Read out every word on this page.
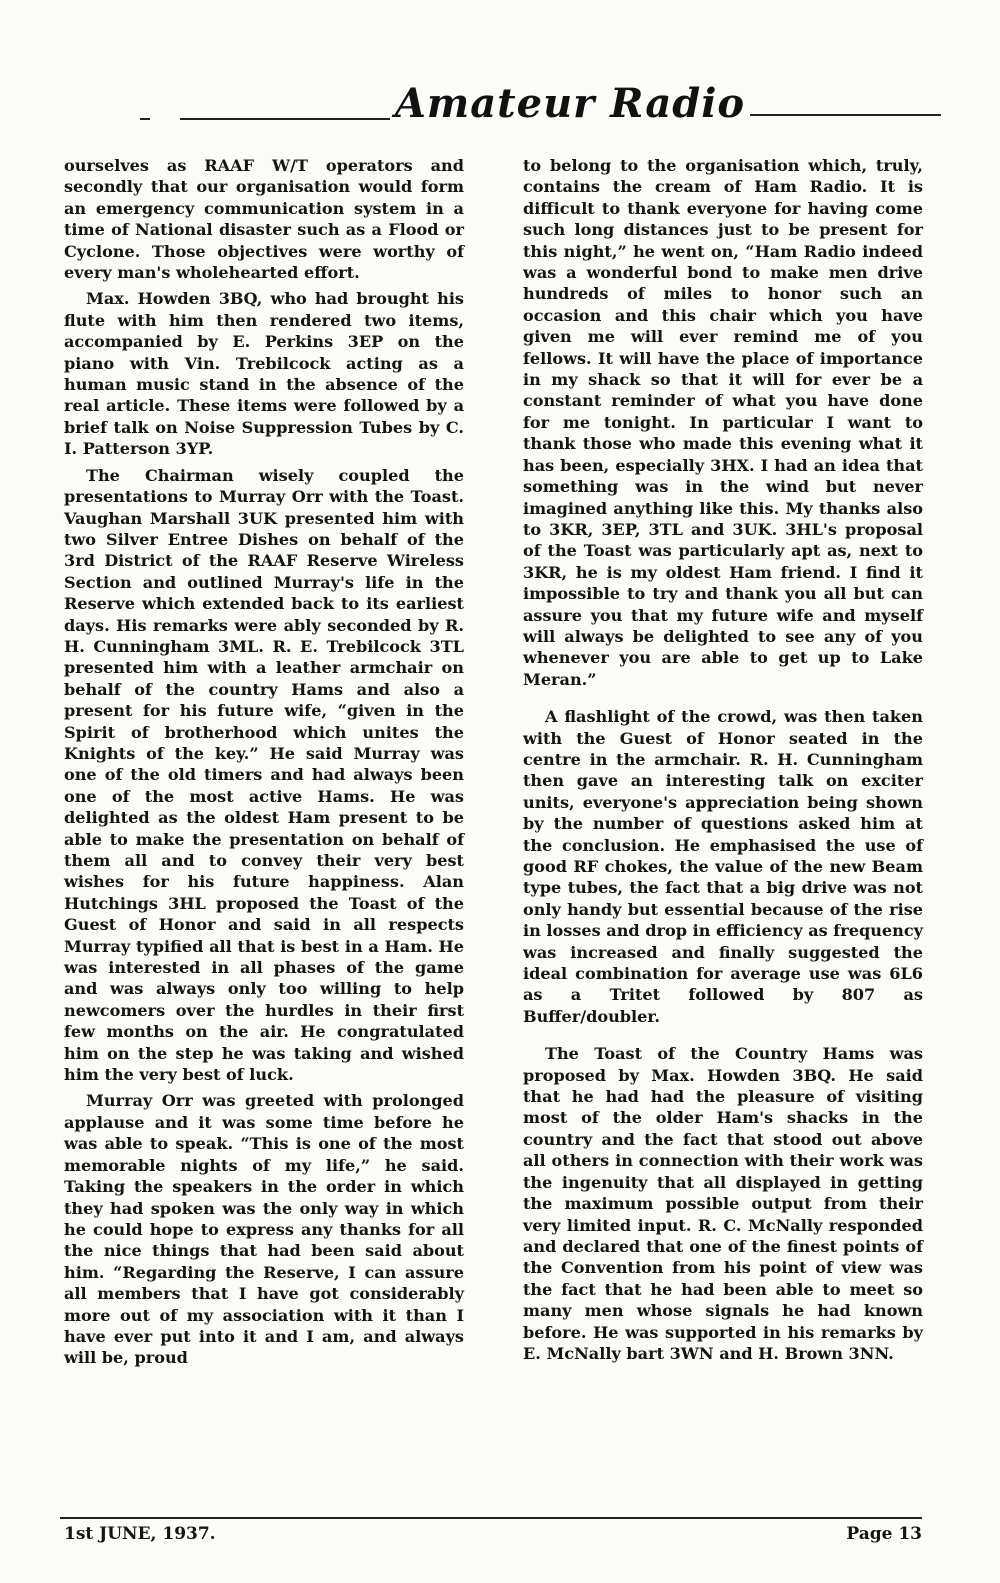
Amateur Radio

ourselves as RAAF W/T operators and secondly that our organisation would form an emergency communication system in a time of National disaster such as a Flood or Cyclone. Those objectives were worthy of every man's wholehearted effort.

Max. Howden 3BQ, who had brought his flute with him then rendered two items, accompanied by E. Perkins 3EP on the piano with Vin. Trebilcock acting as a human music stand in the absence of the real article. These items were followed by a brief talk on Noise Suppression Tubes by C. I. Patterson 3YP.

The Chairman wisely coupled the presentations to Murray Orr with the Toast. Vaughan Marshall 3UK presented him with two Silver Entree Dishes on behalf of the 3rd District of the RAAF Reserve Wireless Section and outlined Murray's life in the Reserve which extended back to its earliest days. His remarks were ably seconded by R. H. Cunningham 3ML. R. E. Trebilcock 3TL presented him with a leather armchair on behalf of the country Hams and also a present for his future wife, “given in the Spirit of brotherhood which unites the Knights of the key.” He said Murray was one of the old timers and had always been one of the most active Hams. He was delighted as the oldest Ham present to be able to make the presentation on behalf of them all and to convey their very best wishes for his future happiness. Alan Hutchings 3HL proposed the Toast of the Guest of Honor and said in all respects Murray typified all that is best in a Ham. He was interested in all phases of the game and was always only too willing to help newcomers over the hurdles in their first few months on the air. He congratulated him on the step he was taking and wished him the very best of luck.

Murray Orr was greeted with prolonged applause and it was some time before he was able to speak. “This is one of the most memorable nights of my life,” he said. Taking the speakers in the order in which they had spoken was the only way in which he could hope to express any thanks for all the nice things that had been said about him. “Regarding the Reserve, I can assure all members that I have got considerably more out of my association with it than I have ever put into it and I am, and always will be, proud

to belong to the organisation which, truly, contains the cream of Ham Radio. It is difficult to thank everyone for having come such long distances just to be present for this night,” he went on, “Ham Radio indeed was a wonderful bond to make men drive hundreds of miles to honor such an occasion and this chair which you have given me will ever remind me of you fellows. It will have the place of importance in my shack so that it will for ever be a constant reminder of what you have done for me tonight. In particular I want to thank those who made this evening what it has been, especially 3HX. I had an idea that something was in the wind but never imagined anything like this. My thanks also to 3KR, 3EP, 3TL and 3UK. 3HL's proposal of the Toast was particularly apt as, next to 3KR, he is my oldest Ham friend. I find it impossible to try and thank you all but can assure you that my future wife and myself will always be delighted to see any of you whenever you are able to get up to Lake Meran.”

A flashlight of the crowd, was then taken with the Guest of Honor seated in the centre in the armchair. R. H. Cunningham then gave an interesting talk on exciter units, everyone's appreciation being shown by the number of questions asked him at the conclusion. He emphasised the use of good RF chokes, the value of the new Beam type tubes, the fact that a big drive was not only handy but essential because of the rise in losses and drop in efficiency as frequency was increased and finally suggested the ideal combination for average use was 6L6 as a Tritet followed by 807 as Buffer/doubler.

The Toast of the Country Hams was proposed by Max. Howden 3BQ. He said that he had had the pleasure of visiting most of the older Ham's shacks in the country and the fact that stood out above all others in connection with their work was the ingenuity that all displayed in getting the maximum possible output from their very limited input. R. C. McNally responded and declared that one of the finest points of the Convention from his point of view was the fact that he had been able to meet so many men whose signals he had known before. He was supported in his remarks by E. McNally bart 3WN and H. Brown 3NN.

1st JUNE, 1937.	Page 13
